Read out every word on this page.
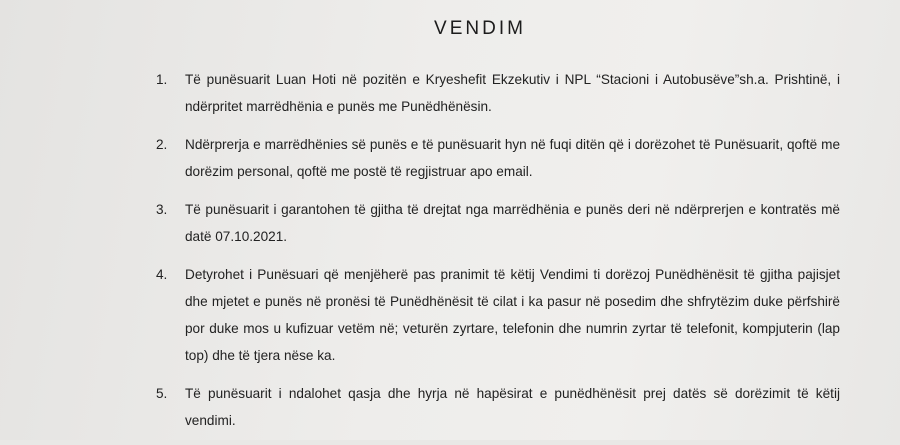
VENDIM
1. Të punësuarit Luan Hoti në pozitën e Kryeshefit Ekzekutiv i NPL “Stacioni i Autobusëve”sh.a. Prishtinë, i ndërpritet marrëdhënia e punës me Punëdhënësin.
2. Ndërprerja e marrëdhënies së punës e të punësuarit hyn në fuqi ditën që i dorëzohet të Punësuarit, qoftë me dorëzim personal, qoftë me postë të regjistruar apo email.
3. Të punësuarit i garantohen të gjitha të drejtat nga marrëdhënia e punës deri në ndërprerjen e kontratës më datë 07.10.2021.
4. Detyrohet i Punësuari që menjëherë pas pranimit të këtij Vendimi ti dorëzoj Punëdhënësit të gjitha pajisjet dhe mjetet e punës në pronësi të Punëdhënësit të cilat i ka pasur në posedim dhe shfrytëzim duke përfshirë por duke mos u kufizuar vetëm në; veturën zyrtare, telefonin dhe numrin zyrtar të telefonit, kompjuterin (lap top) dhe të tjera nëse ka.
5. Të punësuarit i ndalohet qasja dhe hyrja në hapësirat e punëdhënësit prej datës së dorëzimit të këtij vendimi.
